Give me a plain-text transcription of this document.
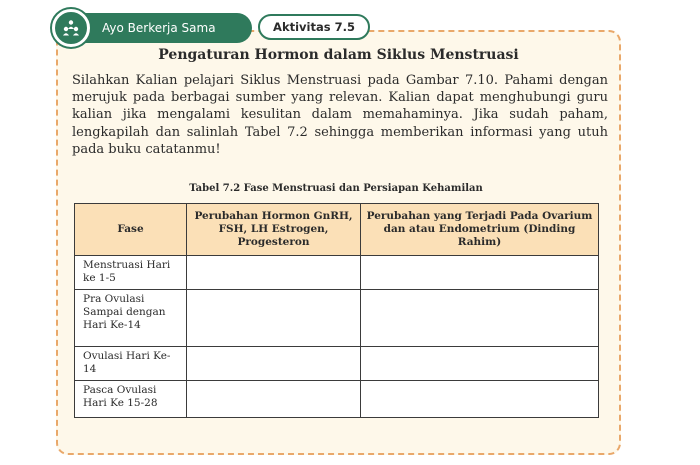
Ayo Berkerja Sama	Aktivitas 7.5
Pengaturan Hormon dalam Siklus Menstruasi

Silahkan Kalian pelajari Siklus Menstruasi pada Gambar 7.10. Pahami dengan merujuk pada berbagai sumber yang relevan. Kalian dapat menghubungi guru kalian jika mengalami kesulitan dalam memahaminya. Jika sudah paham, lengkapilah dan salinlah Tabel 7.2 sehingga memberikan informasi yang utuh pada buku catatanmu!

Tabel 7.2 Fase Menstruasi dan Persiapan Kehamilan
Fase	Perubahan Hormon GnRH, FSH, LH Estrogen, Progesteron	Perubahan yang Terjadi Pada Ovarium dan atau Endometrium (Dinding Rahim)
Menstruasi Hari ke 1-5		
Pra Ovulasi Sampai dengan Hari Ke-14		
Ovulasi Hari Ke-14		
Pasca Ovulasi Hari Ke 15-28		
